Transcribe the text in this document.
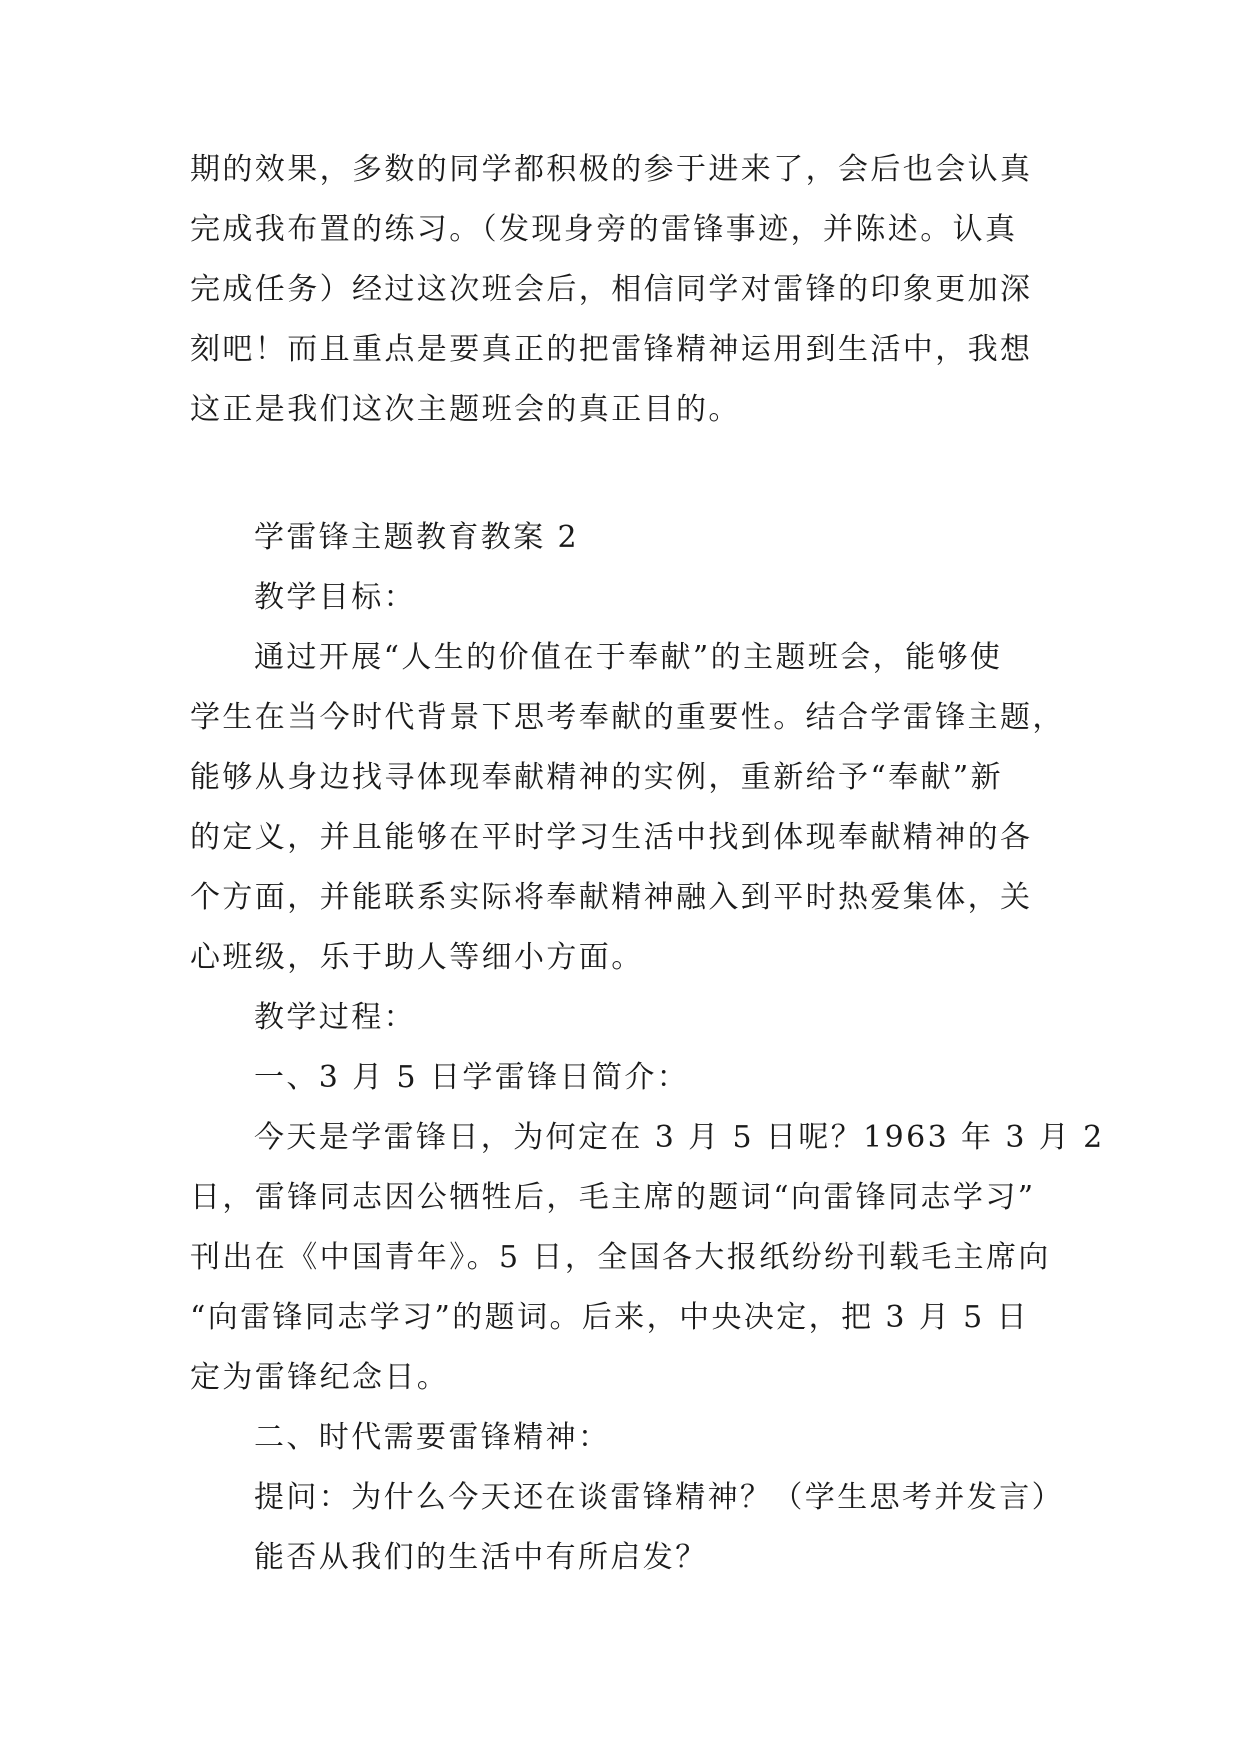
期的效果，多数的同学都积极的参于进来了，会后也会认真
完成我布置的练习。（发现身旁的雷锋事迹，并陈述。认真
完成任务）经过这次班会后，相信同学对雷锋的印象更加深
刻吧！而且重点是要真正的把雷锋精神运用到生活中，我想
这正是我们这次主题班会的真正目的。
学雷锋主题教育教案 2
教学目标：
通过开展“人生的价值在于奉献”的主题班会，能够使
学生在当今时代背景下思考奉献的重要性。结合学雷锋主题，
能够从身边找寻体现奉献精神的实例，重新给予“奉献”新
的定义，并且能够在平时学习生活中找到体现奉献精神的各
个方面，并能联系实际将奉献精神融入到平时热爱集体，关
心班级，乐于助人等细小方面。
教学过程：
一、3 月 5 日学雷锋日简介：
今天是学雷锋日，为何定在 3 月 5 日呢？1963 年 3 月 2
日，雷锋同志因公牺牲后，毛主席的题词“向雷锋同志学习”
刊出在《中国青年》。5 日，全国各大报纸纷纷刊载毛主席向
“向雷锋同志学习”的题词。后来，中央决定，把 3 月 5 日
定为雷锋纪念日。
二、时代需要雷锋精神：
提问：为什么今天还在谈雷锋精神？（学生思考并发言）
能否从我们的生活中有所启发？
